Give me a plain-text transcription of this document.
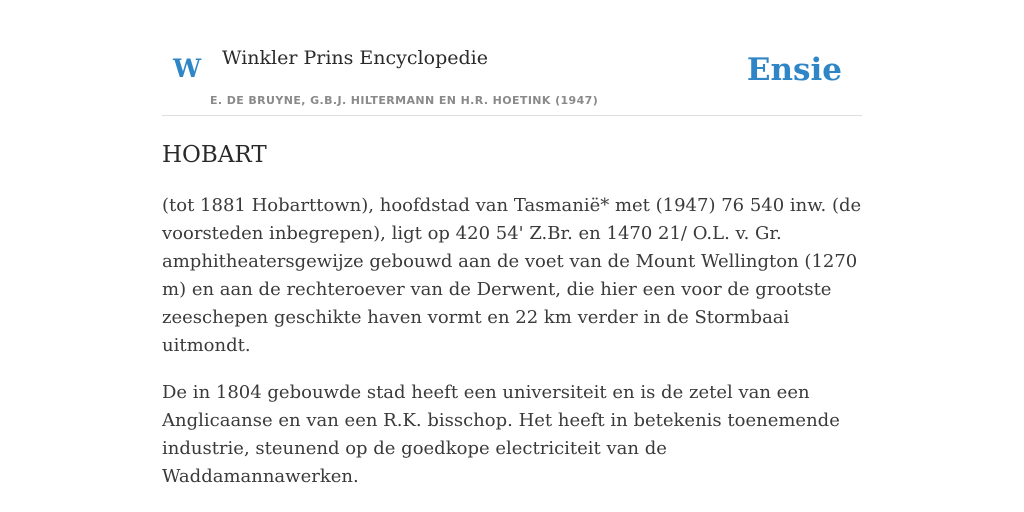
W Winkler Prins Encyclopedie
E. DE BRUYNE, G.B.J. HILTERMANN EN H.R. HOETINK (1947)
Ensie
HOBART

(tot 1881 Hobarttown), hoofdstad van Tasmanië* met (1947) 76 540 inw. (de voorsteden inbegrepen), ligt op 420 54' Z.Br. en 1470 21/ O.L. v. Gr. amphitheatersgewijze gebouwd aan de voet van de Mount Wellington (1270 m) en aan de rechteroever van de Derwent, die hier een voor de grootste zeeschepen geschikte haven vormt en 22 km verder in de Stormbaai uitmondt.

De in 1804 gebouwde stad heeft een universiteit en is de zetel van een Anglicaanse en van een R.K. bisschop. Het heeft in betekenis toenemende industrie, steunend op de goedkope electriciteit van de Waddamannawerken.
